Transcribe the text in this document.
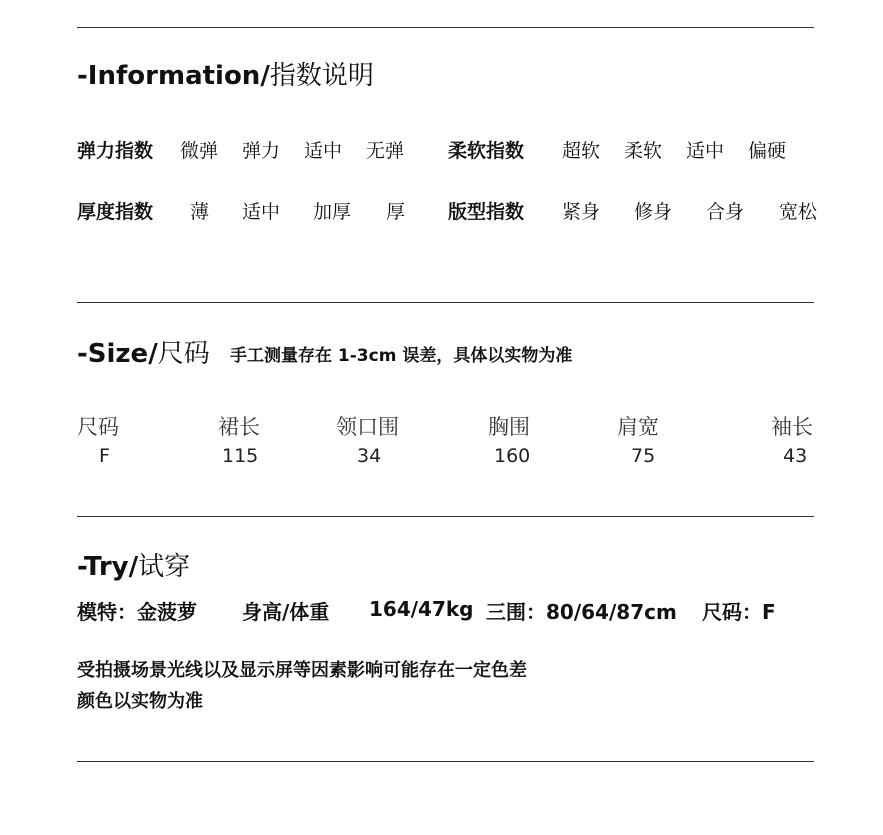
-Information/指数说明
弹力指数 微弹 弹力 适中 无弹 柔软指数 超软 柔软 适中 偏硬
厚度指数 薄 适中 加厚 厚 版型指数 紧身 修身 合身 宽松
-Size/尺码 手工测量存在 1-3cm 误差，具体以实物为准
尺码	裙长	领口围	胸围	肩宽	袖长
F	115	34	160	75	43
-Try/试穿
模特：金菠萝 身高/体重 164/47kg 三围：80/64/87cm 尺码：F
受拍摄场景光线以及显示屏等因素影响可能存在一定色差
颜色以实物为准
